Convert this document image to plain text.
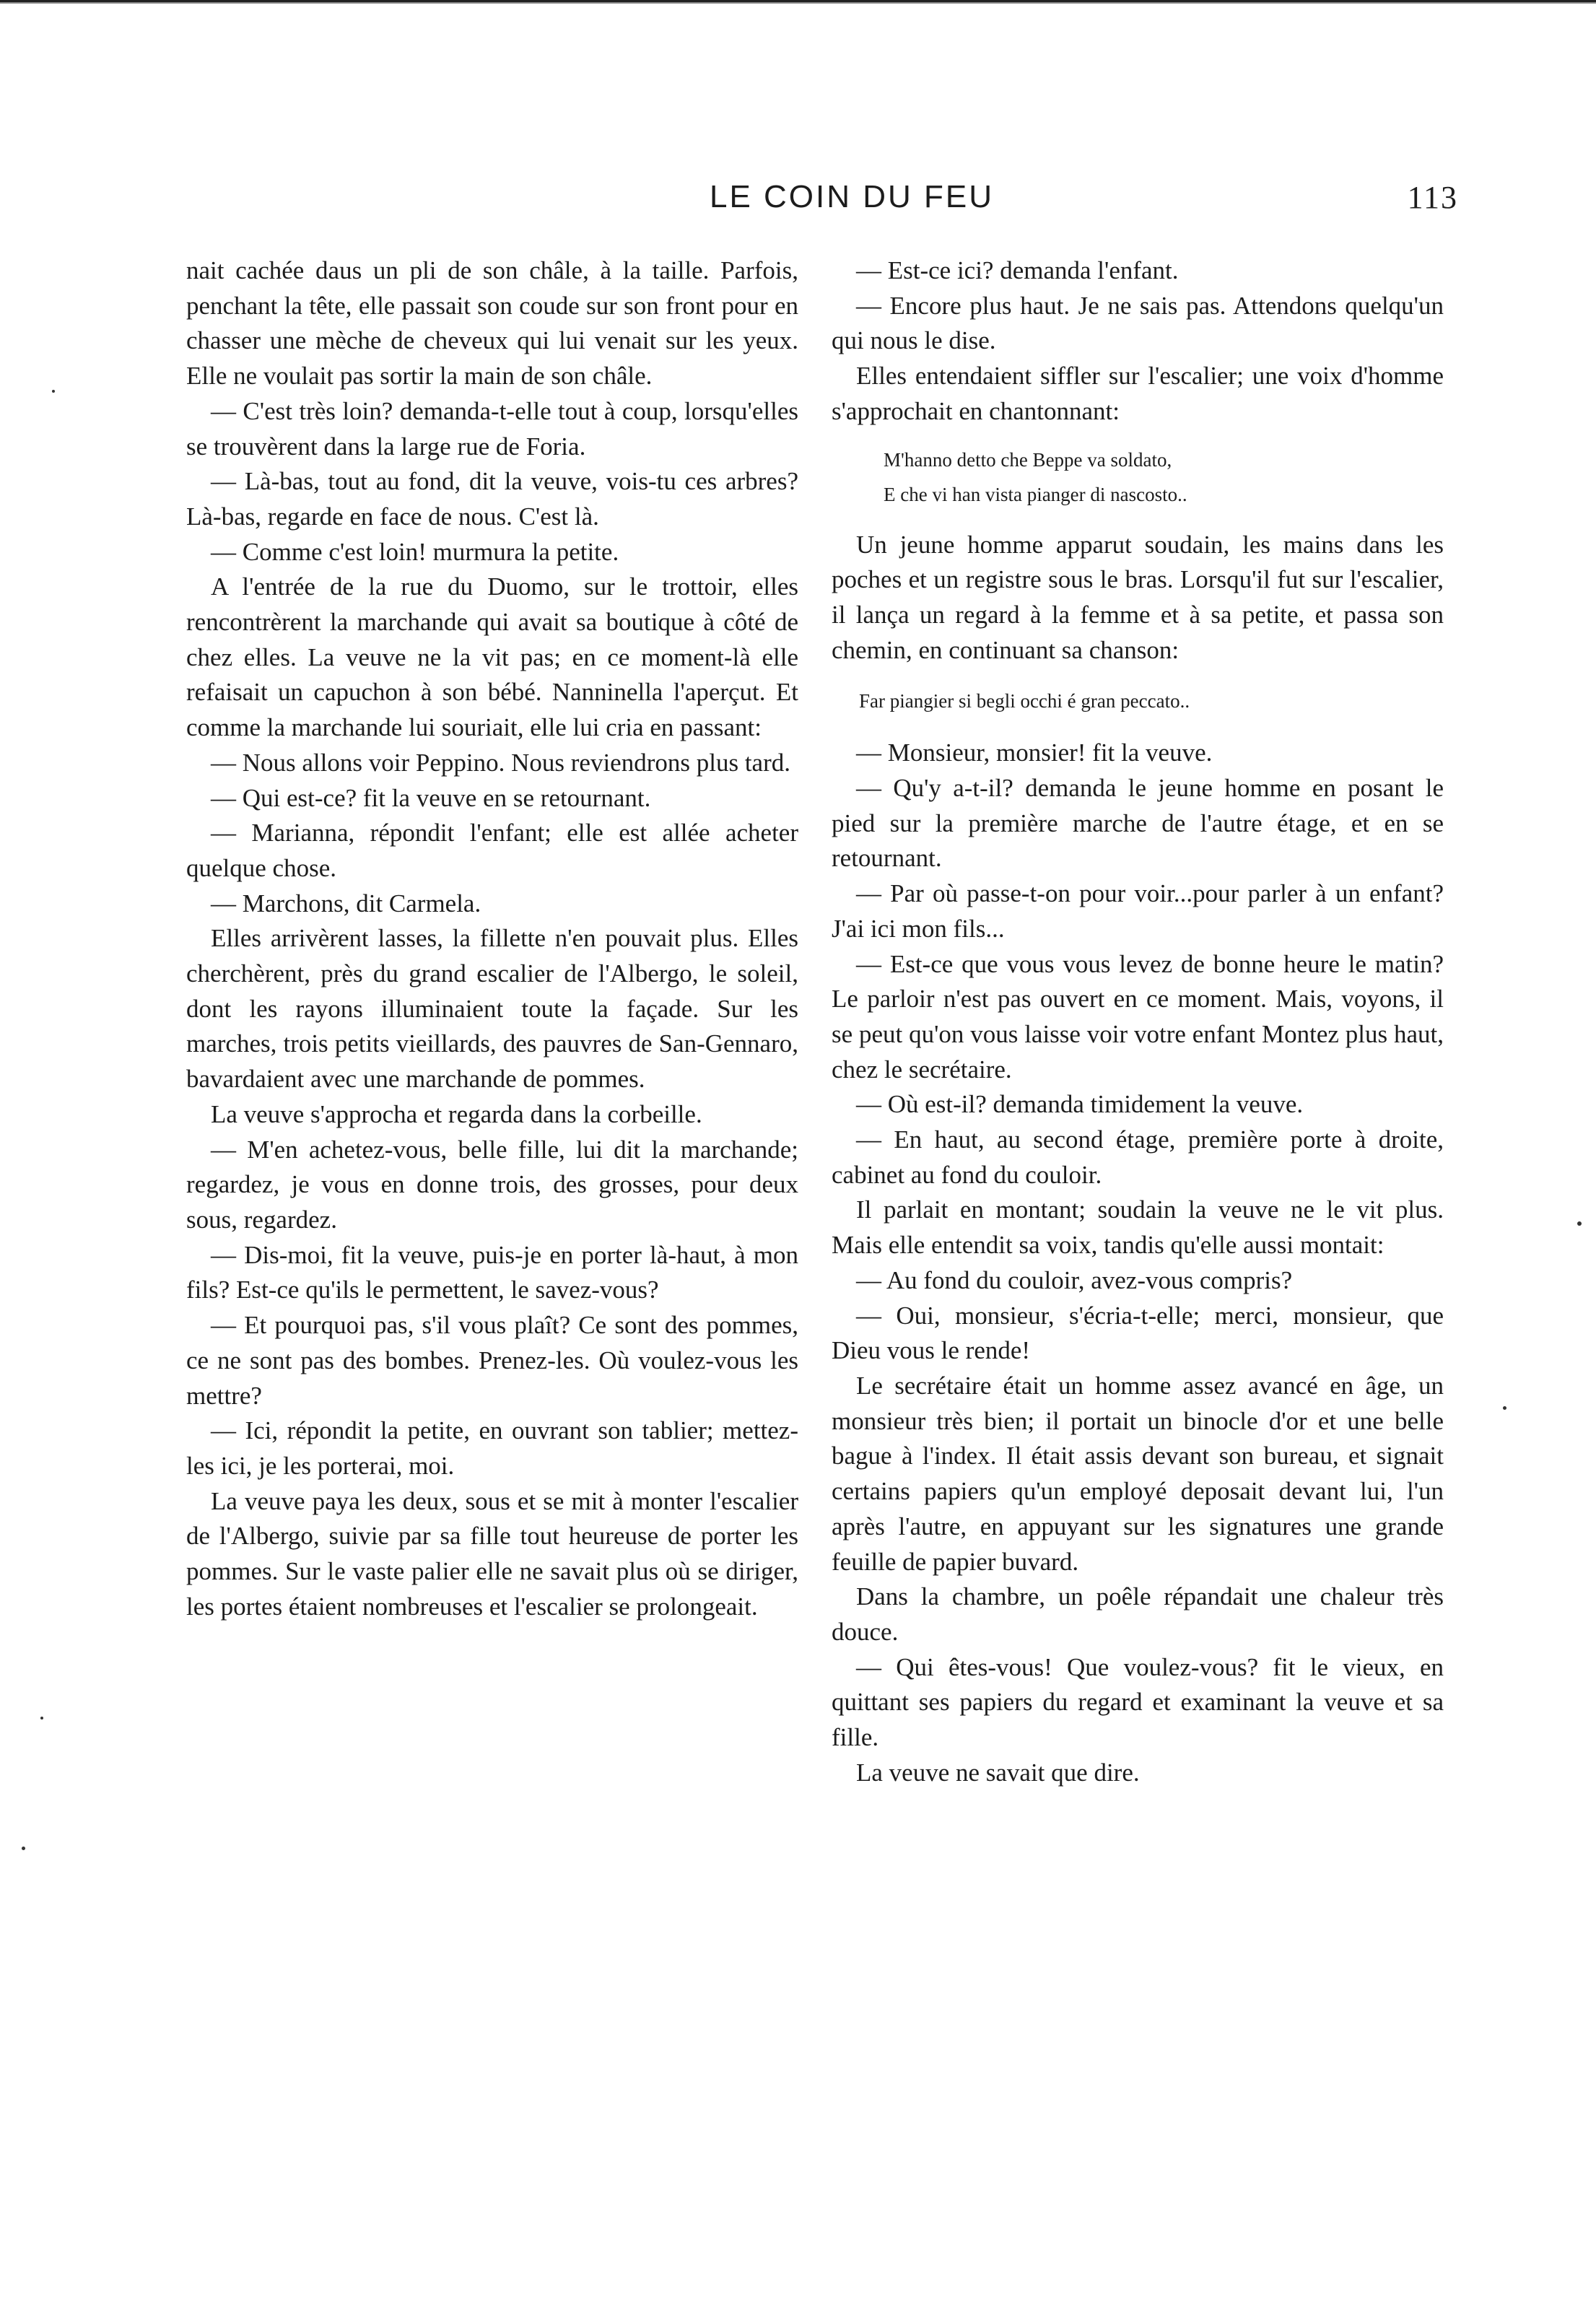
LE COIN DU FEU	113

nait cachée daus un pli de son châle, à la taille. Parfois, penchant la tête, elle passait son coude sur son front pour en chasser une mèche de cheveux qui lui venait sur les yeux. Elle ne voulait pas sortir la main de son châle.

— C'est très loin? demanda-t-elle tout à coup, lorsqu'elles se trouvèrent dans la large rue de Foria.

— Là-bas, tout au fond, dit la veuve, vois-tu ces arbres? Là-bas, regarde en face de nous. C'est là.

— Comme c'est loin! murmura la petite.

A l'entrée de la rue du Duomo, sur le trottoir, elles rencontrèrent la marchande qui avait sa boutique à côté de chez elles. La veuve ne la vit pas; en ce moment-là elle refaisait un capuchon à son bébé. Nanninella l'aperçut. Et comme la marchande lui souriait, elle lui cria en passant:

— Nous allons voir Peppino. Nous reviendrons plus tard.

— Qui est-ce? fit la veuve en se retournant.

— Marianna, répondit l'enfant; elle est allée acheter quelque chose.

— Marchons, dit Carmela.

Elles arrivèrent lasses, la fillette n'en pouvait plus. Elles cherchèrent, près du grand escalier de l'Albergo, le soleil, dont les rayons illuminaient toute la façade. Sur les marches, trois petits vieillards, des pauvres de San-Gennaro, bavardaient avec une marchande de pommes.

La veuve s'approcha et regarda dans la corbeille.

— M'en achetez-vous, belle fille, lui dit la marchande; regardez, je vous en donne trois, des grosses, pour deux sous, regardez.

— Dis-moi, fit la veuve, puis-je en porter là-haut, à mon fils? Est-ce qu'ils le permettent, le savez-vous?

— Et pourquoi pas, s'il vous plaît? Ce sont des pommes, ce ne sont pas des bombes. Prenez-les. Où voulez-vous les mettre?

— Ici, répondit la petite, en ouvrant son tablier; mettez-les ici, je les porterai, moi.

La veuve paya les deux, sous et se mit à monter l'escalier de l'Albergo, suivie par sa fille tout heureuse de porter les pommes. Sur le vaste palier elle ne savait plus où se diriger, les portes étaient nombreuses et l'escalier se prolongeait.

— Est-ce ici? demanda l'enfant.

— Encore plus haut. Je ne sais pas. Attendons quelqu'un qui nous le dise.

Elles entendaient siffler sur l'escalier; une voix d'homme s'approchait en chantonnant:

M'hanno detto che Beppe va soldato,
E che vi han vista pianger di nascosto..

Un jeune homme apparut soudain, les mains dans les poches et un registre sous le bras. Lorsqu'il fut sur l'escalier, il lança un regard à la femme et à sa petite, et passa son chemin, en continuant sa chanson:

Far piangier si begli occhi é gran peccato..

— Monsieur, monsier! fit la veuve.

— Qu'y a-t-il? demanda le jeune homme en posant le pied sur la première marche de l'autre étage, et en se retournant.

— Par où passe-t-on pour voir...pour parler à un enfant? J'ai ici mon fils...

— Est-ce que vous vous levez de bonne heure le matin? Le parloir n'est pas ouvert en ce moment. Mais, voyons, il se peut qu'on vous laisse voir votre enfant Montez plus haut, chez le secrétaire.

— Où est-il? demanda timidement la veuve.

— En haut, au second étage, première porte à droite, cabinet au fond du couloir.

Il parlait en montant; soudain la veuve ne le vit plus. Mais elle entendit sa voix, tandis qu'elle aussi montait:

— Au fond du couloir, avez-vous compris?

— Oui, monsieur, s'écria-t-elle; merci, monsieur, que Dieu vous le rende!

Le secrétaire était un homme assez avancé en âge, un monsieur très bien; il portait un binocle d'or et une belle bague à l'index. Il était assis devant son bureau, et signait certains papiers qu'un employé deposait devant lui, l'un après l'autre, en appuyant sur les signatures une grande feuille de papier buvard.

Dans la chambre, un poêle répandait une chaleur très douce.

— Qui êtes-vous! Que voulez-vous? fit le vieux, en quittant ses papiers du regard et examinant la veuve et sa fille.

La veuve ne savait que dire.
